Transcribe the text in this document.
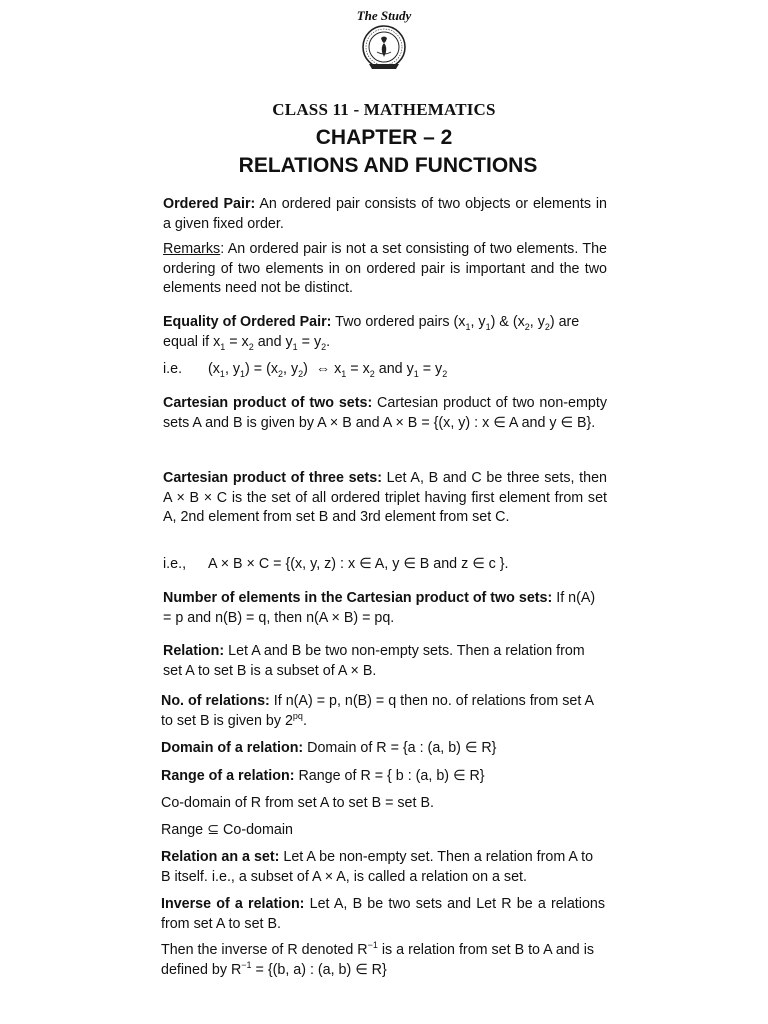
The Study
CLASS 11 - MATHEMATICS
CHAPTER – 2
RELATIONS AND FUNCTIONS

Ordered Pair: An ordered pair consists of two objects or elements in a given fixed order.

Remarks: An ordered pair is not a set consisting of two elements. The ordering of two elements in on ordered pair is important and the two elements need not be distinct.

Equality of Ordered Pair: Two ordered pairs ($x_1$, $y_1$) & ($x_2$, $y_2$) are equal if $x_1 = x_2$ and $y_1 = y_2$.

i.e. ($x_1$, $y_1) = (x_2$, $y_2$) ⇔ $x_1 = x_2$ and $y_1 = y_2$

Cartesian product of two sets: Cartesian product of two non-empty sets A and B is given by A × B and A × B = {(x, y) : x ∈ A and y ∈ B}.

Cartesian product of three sets: Let A, B and C be three sets, then A × B × C is the set of all ordered triplet having first element from set A, 2nd element from set B and 3rd element from set C.

i.e., A × B × C = {(x, y, z) : x ∈ A, y ∈ B and z ∈ c }.

Number of elements in the Cartesian product of two sets: If n(A) = p and n(B) = q, then n(A × B) = pq.

Relation: Let A and B be two non-empty sets. Then a relation from set A to set B is a subset of A × B.

No. of relations: If n(A) = p, n(B) = q then no. of relations from set A to set B is given by $2^{pq}$.

Domain of a relation: Domain of R = {a : (a, b) ∈ R}

Range of a relation: Range of R = { b : (a, b) ∈ R}

Co-domain of R from set A to set B = set B.

Range ⊆ Co-domain

Relation an a set: Let A be non-empty set. Then a relation from A to B itself. i.e., a subset of A × A, is called a relation on a set.

Inverse of a relation: Let A, B be two sets and Let R be a relations from set A to set B.

Then the inverse of R denoted $R^{-1}$ is a relation from set B to A and is defined by $R^{-1} = \{(b$, a) : (a, b) ∈ R}
